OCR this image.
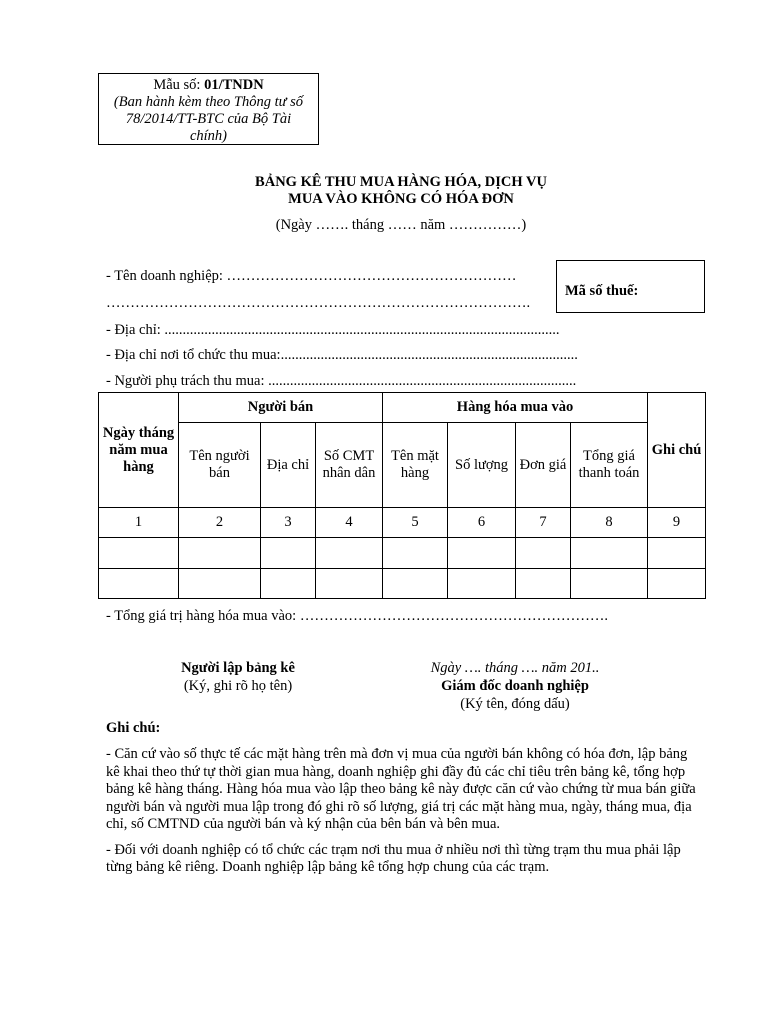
Mẫu số: 01/TNDN
(Ban hành kèm theo Thông tư số
78/2014/TT-BTC của Bộ Tài
chính)
BẢNG KÊ THU MUA HÀNG HÓA, DỊCH VỤ
MUA VÀO KHÔNG CÓ HÓA ĐƠN
(Ngày ……. tháng …… năm ……………)
- Tên doanh nghiệp: ……………………………………………………
…………………………………………………………………………….
Mã số thuế:
- Địa chỉ: .............................................................................................................
- Địa chỉ nơi tổ chức thu mua:..................................................................................
- Người phụ trách thu mua: .....................................................................................
Ngày tháng năm mua hàng	Người bán			Hàng hóa mua vào				Ghi chú
	Tên người bán	Địa chỉ	Số CMT nhân dân	Tên mặt hàng	Số lượng	Đơn giá	Tổng giá thanh toán	
1	2	3	4	5	6	7	8	9

- Tổng giá trị hàng hóa mua vào: ……………………………………………………….
Người lập bảng kê
(Ký, ghi rõ họ tên)
Ngày …. tháng …. năm 201..
Giám đốc doanh nghiệp
(Ký tên, đóng dấu)
Ghi chú:

- Căn cứ vào số thực tế các mặt hàng trên mà đơn vị mua của người bán không có hóa đơn, lập bảng kê khai theo thứ tự thời gian mua hàng, doanh nghiệp ghi đầy đủ các chỉ tiêu trên bảng kê, tổng hợp bảng kê hàng tháng. Hàng hóa mua vào lập theo bảng kê này được căn cứ vào chứng từ mua bán giữa người bán và người mua lập trong đó ghi rõ số lượng, giá trị các mặt hàng mua, ngày, tháng mua, địa chỉ, số CMTND của người bán và ký nhận của bên bán và bên mua.

- Đối với doanh nghiệp có tổ chức các trạm nơi thu mua ở nhiều nơi thì từng trạm thu mua phải lập từng bảng kê riêng. Doanh nghiệp lập bảng kê tổng hợp chung của các trạm.
